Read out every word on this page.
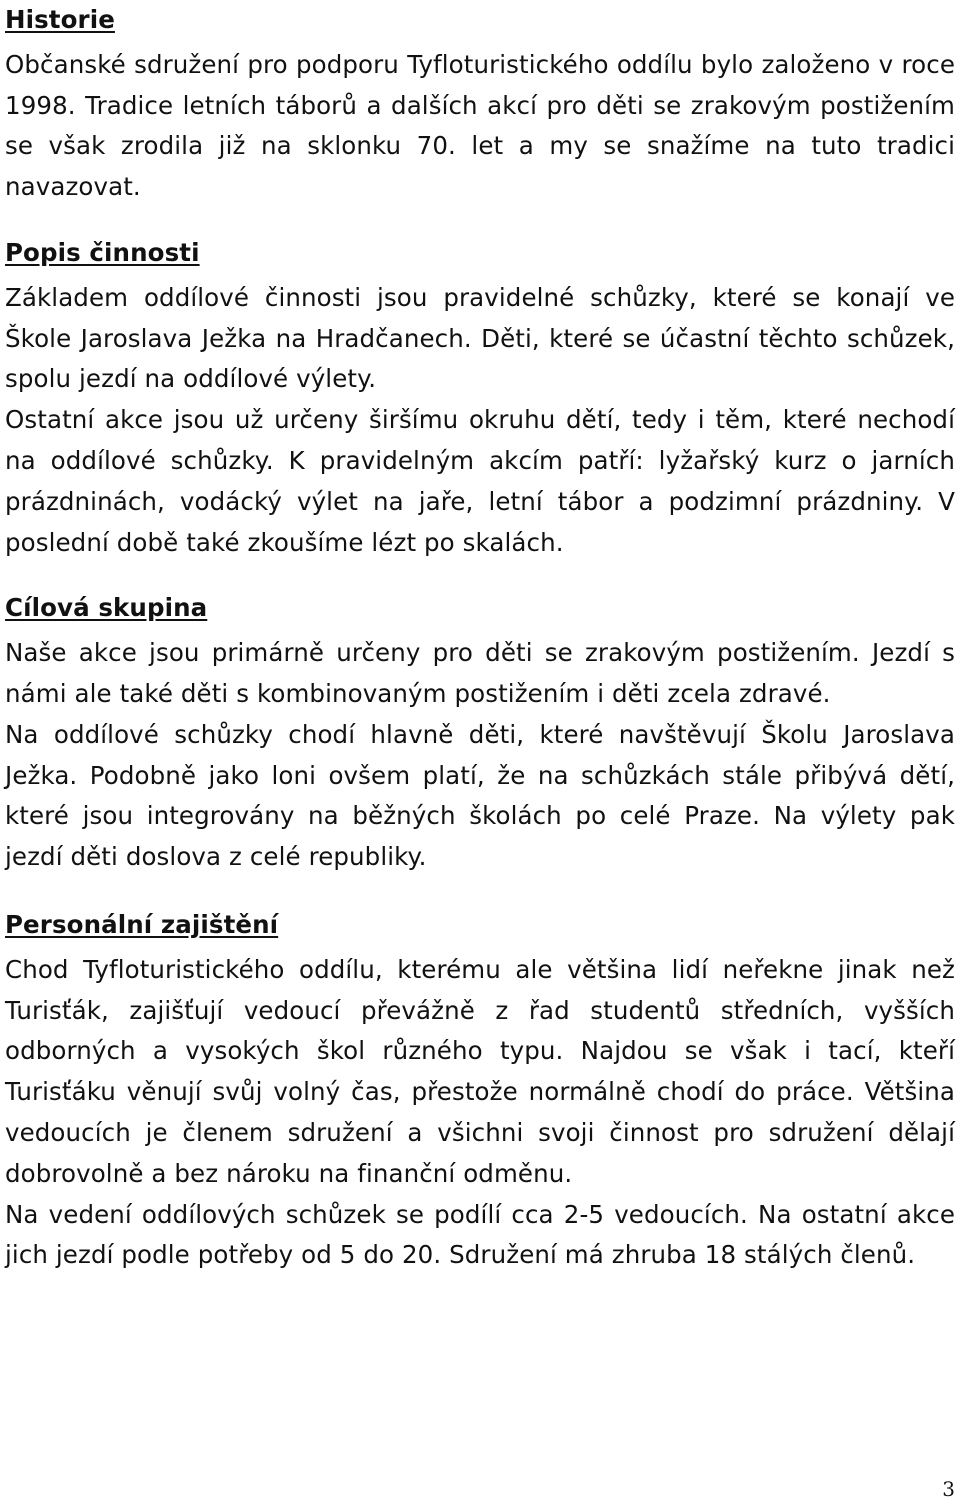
Historie

Občanské sdružení pro podporu Tyfloturistického oddílu bylo založeno v roce 1998. Tradice letních táborů a dalších akcí pro děti se zrakovým postižením se však zrodila již na sklonku 70. let a my se snažíme na tuto tradici navazovat.

Popis činnosti

Základem oddílové činnosti jsou pravidelné schůzky, které se konají ve Škole Jaroslava Ježka na Hradčanech. Děti, které se účastní těchto schůzek, spolu jezdí na oddílové výlety.

Ostatní akce jsou už určeny širšímu okruhu dětí, tedy i těm, které nechodí na oddílové schůzky. K pravidelným akcím patří: lyžařský kurz o jarních prázdninách, vodácký výlet na jaře, letní tábor a podzimní prázdniny. V poslední době také zkoušíme lézt po skalách.

Cílová skupina

Naše akce jsou primárně určeny pro děti se zrakovým postižením. Jezdí s námi ale také děti s kombinovaným postižením i děti zcela zdravé.

Na oddílové schůzky chodí hlavně děti, které navštěvují Školu Jaroslava Ježka. Podobně jako loni ovšem platí, že na schůzkách stále přibývá dětí, které jsou integrovány na běžných školách po celé Praze. Na výlety pak jezdí děti doslova z celé republiky.

Personální zajištění

Chod Tyfloturistického oddílu, kterému ale většina lidí neřekne jinak než Turisťák, zajišťují vedoucí převážně z řad studentů středních, vyšších odborných a vysokých škol různého typu. Najdou se však i tací, kteří Turisťáku věnují svůj volný čas, přestože normálně chodí do práce. Většina vedoucích je členem sdružení a všichni svoji činnost pro sdružení dělají dobrovolně a bez nároku na finanční odměnu.

Na vedení oddílových schůzek se podílí cca 2-5 vedoucích. Na ostatní akce jich jezdí podle potřeby od 5 do 20. Sdružení má zhruba 18 stálých členů.

3
